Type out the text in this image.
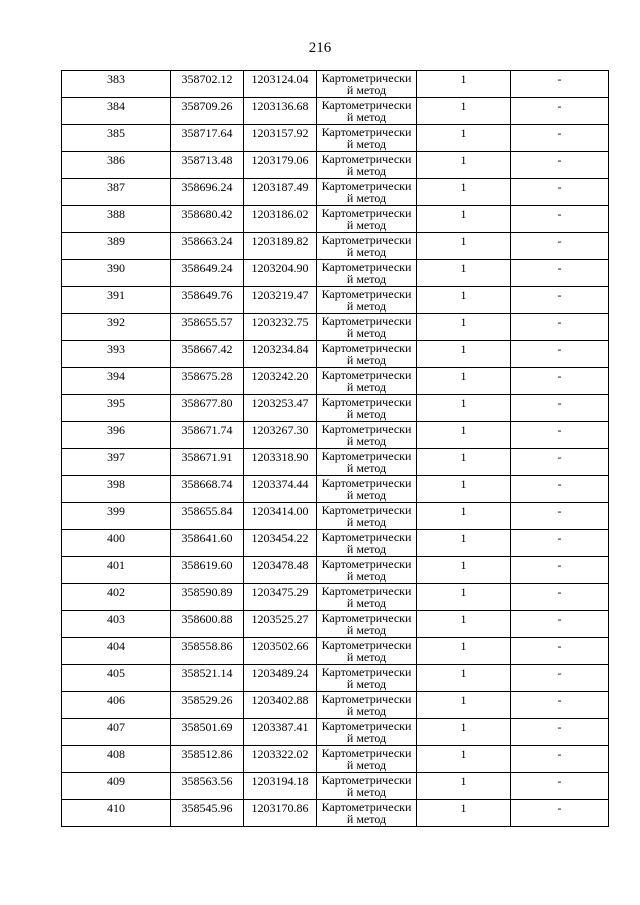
216
383	358702.12	1203124.04	Картометрически й метод	1	-

384	358709.26	1203136.68	Картометрически й метод	1	-

385	358717.64	1203157.92	Картометрически й метод	1	-

386	358713.48	1203179.06	Картометрически й метод	1	-

387	358696.24	1203187.49	Картометрически й метод	1	-

388	358680.42	1203186.02	Картометрически й метод	1	-

389	358663.24	1203189.82	Картометрически й метод	1	-

390	358649.24	1203204.90	Картометрически й метод	1	-

391	358649.76	1203219.47	Картометрически й метод	1	-

392	358655.57	1203232.75	Картометрически й метод	1	-

393	358667.42	1203234.84	Картометрически й метод	1	-

394	358675.28	1203242.20	Картометрически й метод	1	-

395	358677.80	1203253.47	Картометрически й метод	1	-

396	358671.74	1203267.30	Картометрически й метод	1	-

397	358671.91	1203318.90	Картометрически й метод	1	-

398	358668.74	1203374.44	Картометрически й метод	1	-

399	358655.84	1203414.00	Картометрически й метод	1	-

400	358641.60	1203454.22	Картометрически й метод	1	-

401	358619.60	1203478.48	Картометрически й метод	1	-

402	358590.89	1203475.29	Картометрически й метод	1	-

403	358600.88	1203525.27	Картометрически й метод	1	-

404	358558.86	1203502.66	Картометрически й метод	1	-

405	358521.14	1203489.24	Картометрически й метод	1	-

406	358529.26	1203402.88	Картометрически й метод	1	-

407	358501.69	1203387.41	Картометрически й метод	1	-

408	358512.86	1203322.02	Картометрически й метод	1	-

409	358563.56	1203194.18	Картометрически й метод	1	-

410	358545.96	1203170.86	Картометрически й метод	1	-
